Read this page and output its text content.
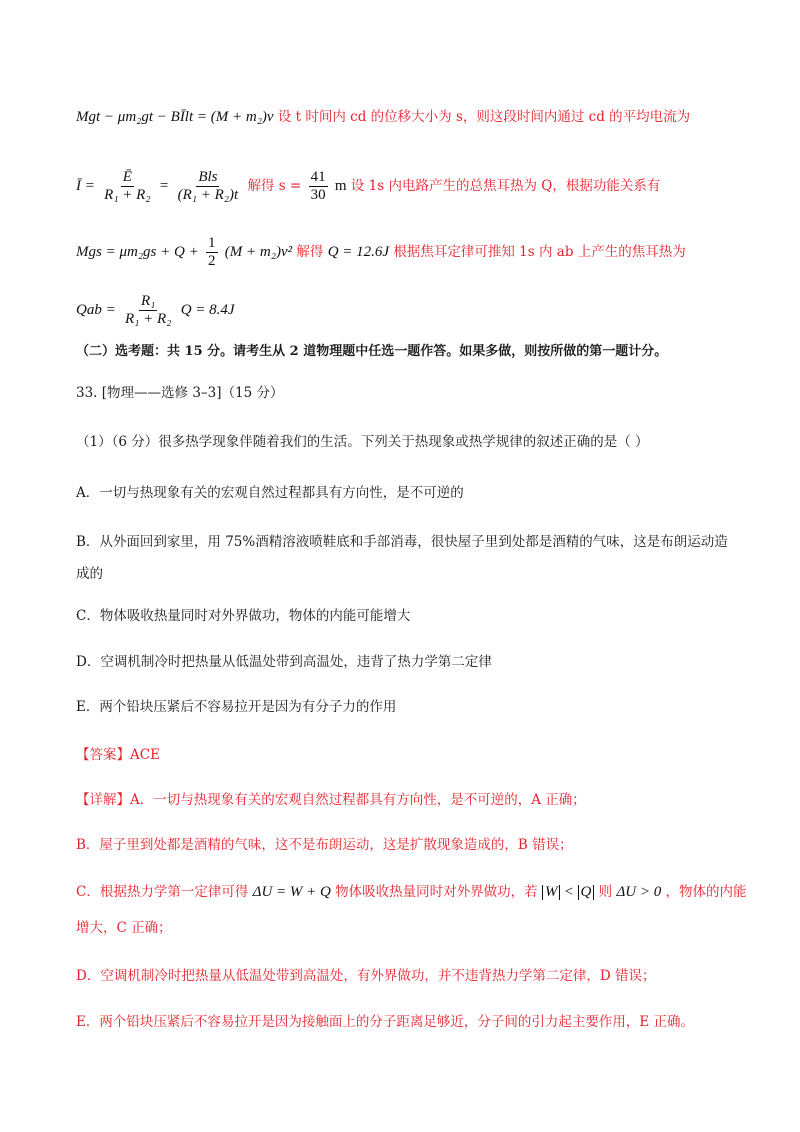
Mgt − μm₂gt − BĪlt = (M + m₂)v 设 t 时间内 cd 的位移大小为 s，则这段时间内通过 cd 的平均电流为
Ī = $\frac{Ē}{\text{R₁ + R₂}} = \frac{\text{Bls}}{\text{(R₁ + R₂)t}}$ 解得 $s = \frac{41}{30}$ m 设 1s 内电路产生的总焦耳热为 Q，根据功能关系有
Mgs = $\mu m_2gs + Q + \frac{1}{2} (M + m_2)v^2$ 解得 Q = 12.6J 根据焦耳定律可推知 1s 内 ab 上产生的焦耳热为
Qab = $\frac{\text{R₁}}{\text{R₁ + R₂}}$ Q = 8.4J
（二）选考题：共 15 分。请考生从 2 道物理题中任选一题作答。如果多做，则按所做的第一题计分。
33. [物理——选修 3–3]（15 分）
（1）（6 分）很多热学现象伴随着我们的生活。下列关于热现象或热学规律的叙述正确的是（ ）
A．一切与热现象有关的宏观自然过程都具有方向性，是不可逆的
B．从外面回到家里，用 75%酒精溶液喷鞋底和手部消毒，很快屋子里到处都是酒精的气味，这是布朗运动造成的
C．物体吸收热量同时对外界做功，物体的内能可能增大
D．空调机制冷时把热量从低温处带到高温处，违背了热力学第二定律
E．两个铅块压紧后不容易拉开是因为有分子力的作用
【答案】ACE
【详解】A．一切与热现象有关的宏观自然过程都具有方向性，是不可逆的，A 正确；
B．屋子里到处都是酒精的气味，这不是布朗运动，这是扩散现象造成的，B 错误；
C．根据热力学第一定律可得 ΔU = W + Q 物体吸收热量同时对外界做功，若 W < Q 则 ΔU > 0 ，物体的内能
增大，C 正确；
D．空调机制冷时把热量从低温处带到高温处，有外界做功，并不违背热力学第二定律，D 错误；
E．两个铅块压紧后不容易拉开是因为接触面上的分子距离足够近，分子间的引力起主要作用，E 正确。
